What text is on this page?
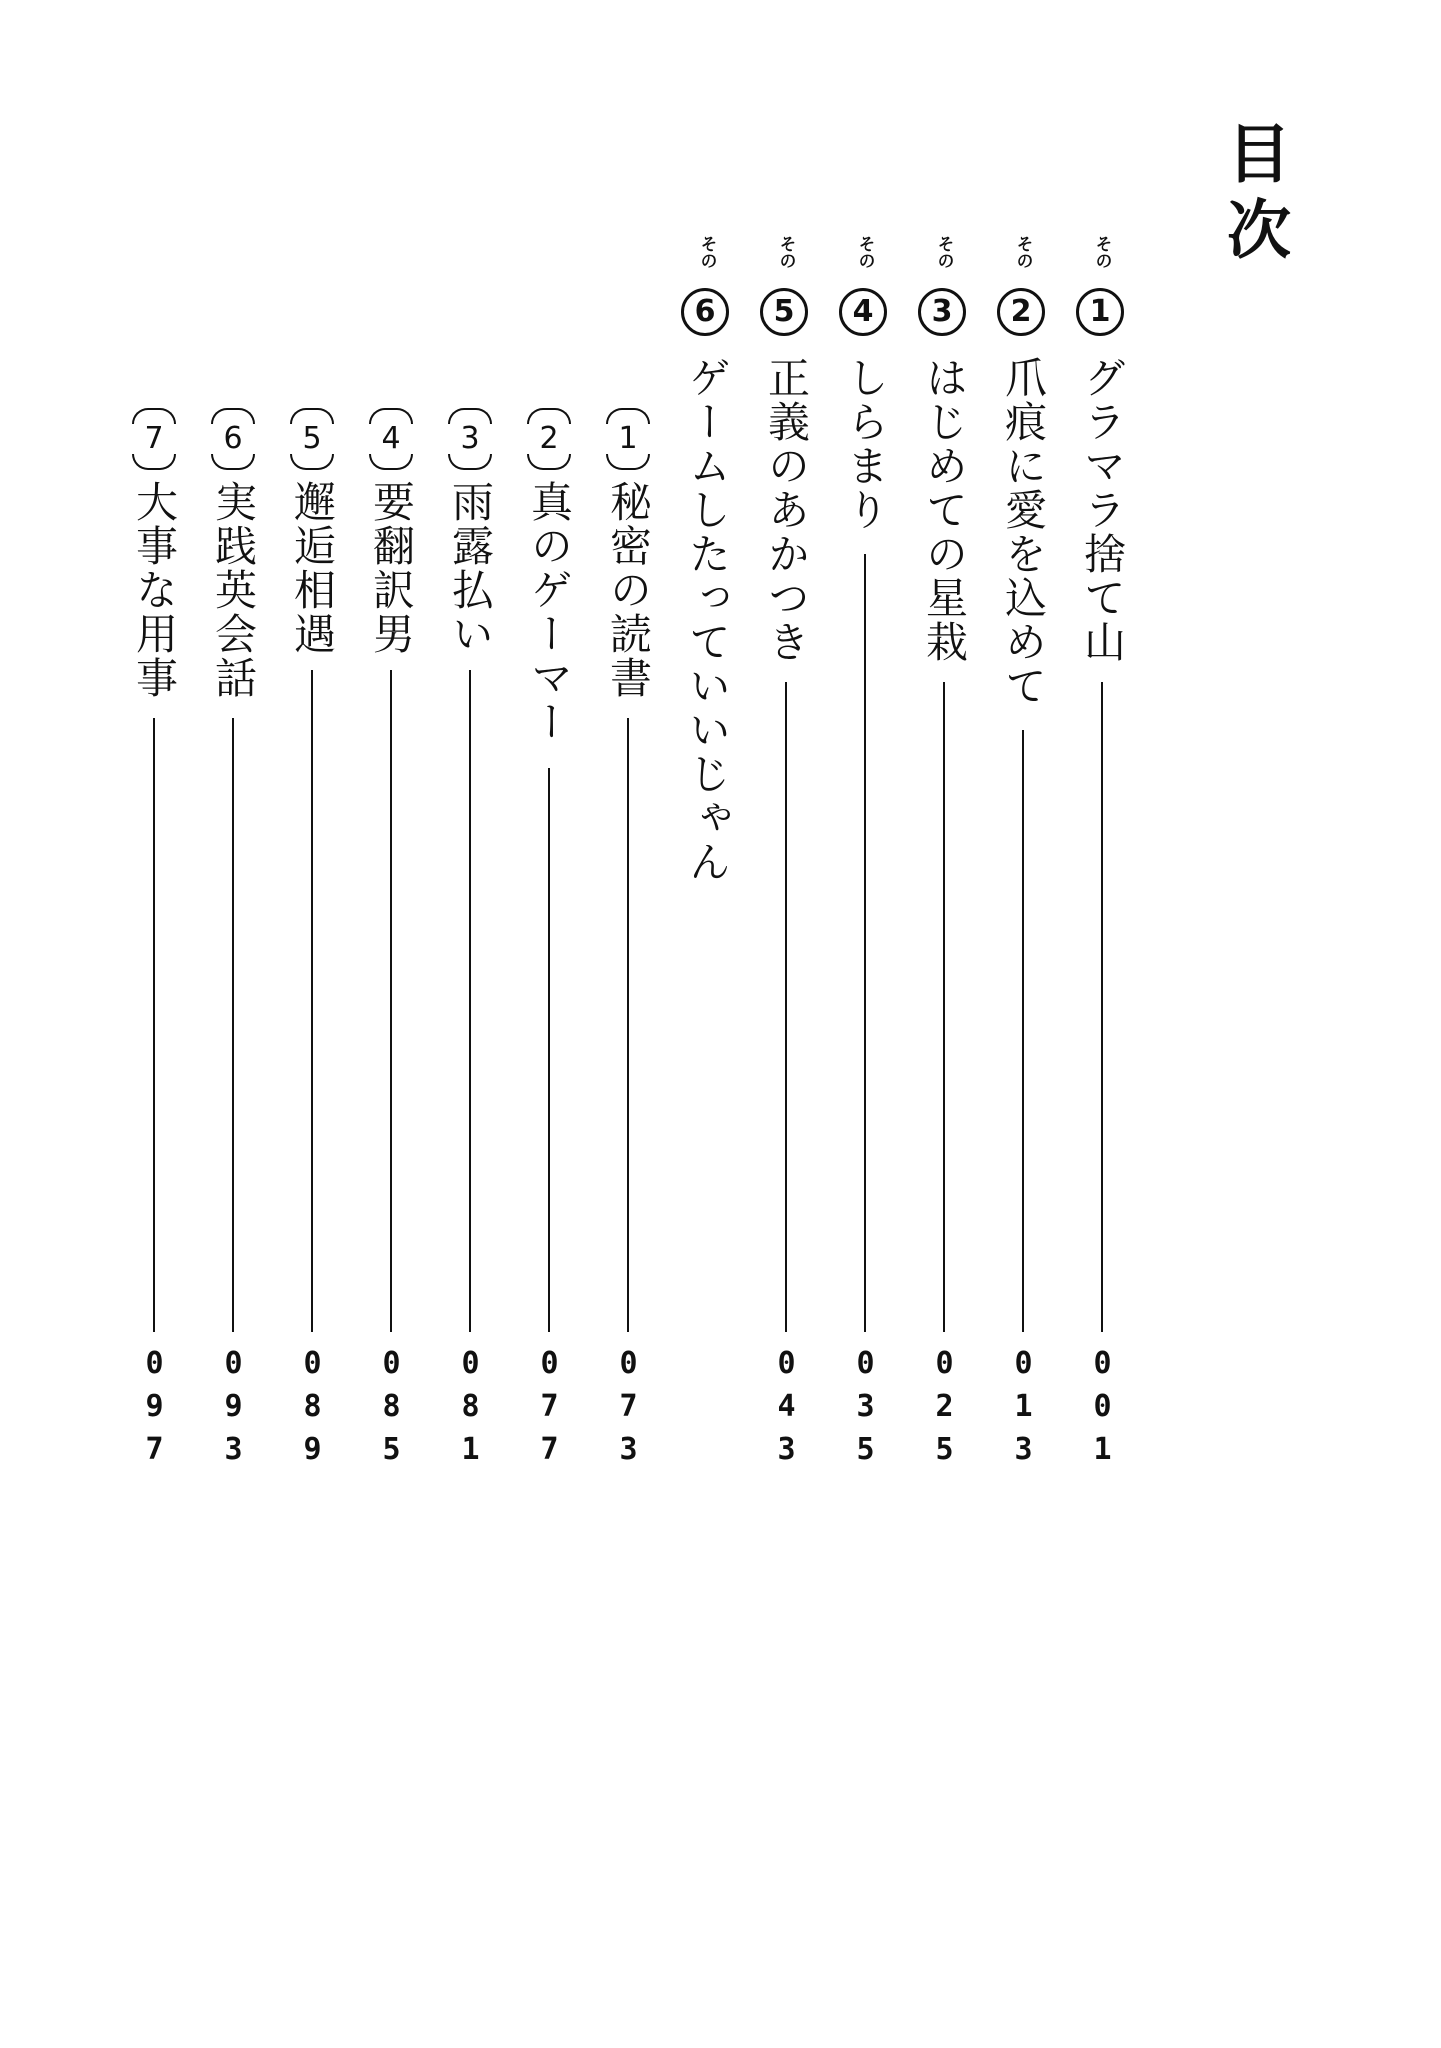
目次
その
1
グラマラ捨て山
001
その
2
爪痕に愛を込めて
013
その
3
はじめての星栽
025
その
4
しらまり
035
その
5
正義のあかつき
043
その
6
ゲームしたっていいじゃん
1
秘密の読書
073
2
真のゲーマー
077
3
雨露払い
081
4
要翻訳男
085
5
邂逅相遇
089
6
実践英会話
093
7
大事な用事
097
